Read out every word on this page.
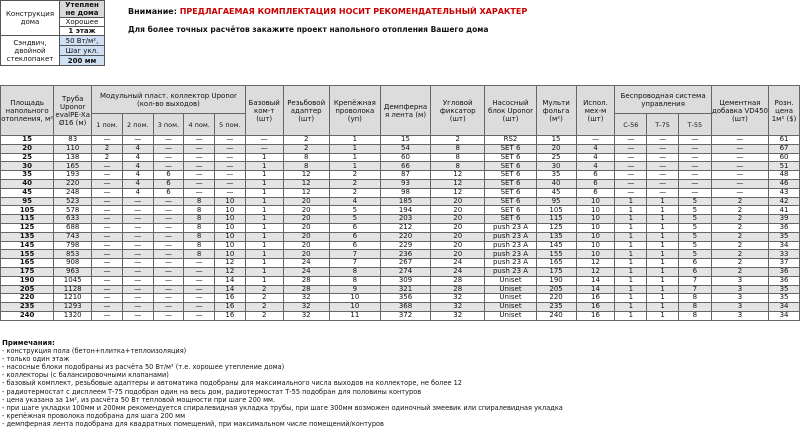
Конструкция дома	Утеплен не дома
	Хорошее
	1 этаж
Сэндвич, двойной стеклопакет	50 Вт/м²,
	Шаг укл.
	200 мм
Внимание: ПРЕДЛАГАЕМАЯ КОМПЛЕКТАЦИЯ НОСИТ РЕКОМЕНДАТЕЛЬНЫЙ ХАРАКТЕР
Для более точных расчётов закажите проект напольного отопления Вашего дома
Площадь напольного отопления, м²	Труба Uponor evalPE-Xa Ø16 (м)	Модульный пласт. коллектор Uponor (кол-во выходов)					Базовый ком-т (шт)	Резьбовой адаптер (шт)	Крепёжная проволока (уп)	Демпферна я лента (м)	Угловой фиксатор (шт)	Насосный блок Uponor (шт)	Мульти фольга (м²)	Испол. мех-м (шт)	Беспроводная система управления			Цементная добавка VD450 (шт)	Розн. цена 1м² ($)
		1 пом.	2 пом.	3 пом.	4 пом.	5 пом.									С-56	Т-75	Т-55		
15	83	—	—	—	—	—	—	2	1	15	2	RS2	15	—	—	—	—	—	61
20	110	2	4	—	—	—	—	2	1	54	8	SET 6	20	4	—	—	—	—	67
25	138	2	4	—	—	—	1	8	1	60	8	SET 6	25	4	—	—	—	—	60
30	165	—	4	—	—	—	1	8	1	66	8	SET 6	30	4	—	—	—	—	51
35	193	—	4	6	—	—	1	12	2	87	12	SET 6	35	6	—	—	—	—	48
40	220	—	4	6	—	—	1	12	2	93	12	SET 6	40	6	—	—	—	—	46
45	248	—	4	6	—	—	1	12	2	98	12	SET 6	45	6	—	—	—	—	43
95	523	—	—	—	8	10	1	20	4	185	20	SET 6	95	10	1	1	5	2	42
105	578	—	—	—	8	10	1	20	5	194	20	SET 6	105	10	1	1	5	2	41
115	633	—	—	—	8	10	1	20	5	203	20	SET 6	115	10	1	1	5	2	39
125	688	—	—	—	8	10	1	20	6	212	20	push 23 A	125	10	1	1	5	2	36
135	743	—	—	—	8	10	1	20	6	220	20	push 23 A	135	10	1	1	5	2	35
145	798	—	—	—	8	10	1	20	6	229	20	push 23 A	145	10	1	1	5	2	34
155	853	—	—	—	8	10	1	20	7	236	20	push 23 A	155	10	1	1	5	2	33
165	908	—	—	—	—	12	1	24	7	267	24	push 23 A	165	12	1	1	6	2	37
175	963	—	—	—	—	12	1	24	8	274	24	push 23 A	175	12	1	1	6	2	36
190	1045	—	—	—	—	14	1	28	8	309	28	Uniset	190	14	1	1	7	3	36
205	1128	—	—	—	—	14	2	28	9	321	28	Uniset	205	14	1	1	7	3	35
220	1210	—	—	—	—	16	2	32	10	356	32	Uniset	220	16	1	1	8	3	35
235	1293	—	—	—	—	16	2	32	10	368	32	Uniset	235	16	1	1	8	3	34
240	1320	—	—	—	—	16	2	32	11	372	32	Uniset	240	16	1	1	8	3	34
Примечания:
- конструкция пола (бетон+плитка+теплоизоляция)
- только один этаж
- насосные блоки подобраны из расчёта 50 Вт/м² (т.е. хорошее утепление дома)
- коллекторы (с балансировочными клапанами)
- базовый комплект, резьбовые адаптеры и автоматика подобраны для максимального числа выходов на коллекторе, не более 12
- радиотермостат с дисплеем Т-75 подобран один на весь дом, радиотермостат Т-55 подобран для половины контуров
- цена указана за 1м², из расчёта 50 Вт тепловой мощности при шаге 200 мм.
- при шаге укладки 100мм и 200мм рекомендуется спиралевидная укладка трубы, при шаге 300мм возможен одиночный змеевик или спиралевидная укладка
- крепёжная проволока подобрана для шага 200 мм
- демпферная лента подобрана для квадратных помещений, при максимальном числе помещений/контуров
